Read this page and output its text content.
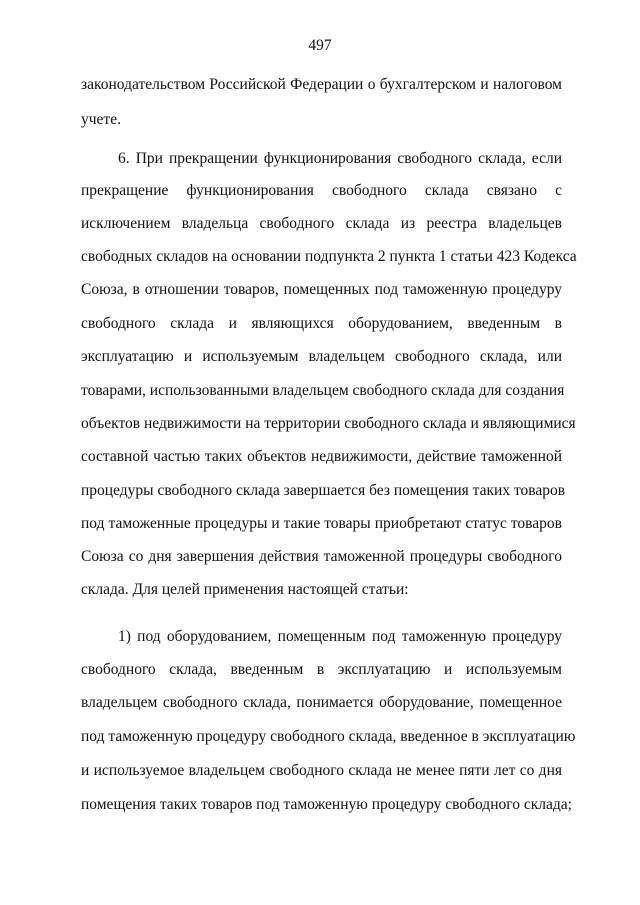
497
законодательством Российской Федерации о бухгалтерском и налоговом
учете.
6. При прекращении функционирования свободного склада, если
прекращение функционирования свободного склада связано с
исключением владельца свободного склада из реестра владельцев
свободных складов на основании подпункта 2 пункта 1 статьи 423 Кодекса
Союза, в отношении товаров, помещенных под таможенную процедуру
свободного склада и являющихся оборудованием, введенным в
эксплуатацию и используемым владельцем свободного склада, или
товарами, использованными владельцем свободного склада для создания
объектов недвижимости на территории свободного склада и являющимися
составной частью таких объектов недвижимости, действие таможенной
процедуры свободного склада завершается без помещения таких товаров
под таможенные процедуры и такие товары приобретают статус товаров
Союза со дня завершения действия таможенной процедуры свободного
склада. Для целей применения настоящей статьи:
1) под оборудованием, помещенным под таможенную процедуру
свободного склада, введенным в эксплуатацию и используемым
владельцем свободного склада, понимается оборудование, помещенное
под таможенную процедуру свободного склада, введенное в эксплуатацию
и используемое владельцем свободного склада не менее пяти лет со дня
помещения таких товаров под таможенную процедуру свободного склада;
